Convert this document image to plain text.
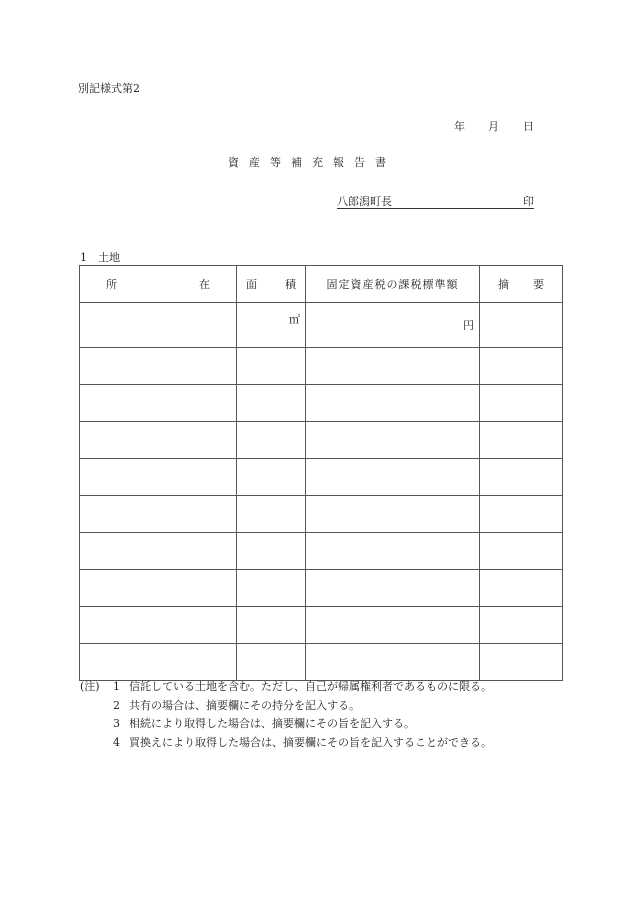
別記様式第2
年 月 日
資産等補充報告書
八郎潟町長	印
1 土地
所 在	面 積	固定資産税の課税標準額	摘 要

	㎡	円	

(注)	1 信託している土地を含む。ただし、自己が帰属権利者であるものに限る。
2 共有の場合は、摘要欄にその持分を記入する。
3 相続により取得した場合は、摘要欄にその旨を記入する。
4 買換えにより取得した場合は、摘要欄にその旨を記入することができる。
